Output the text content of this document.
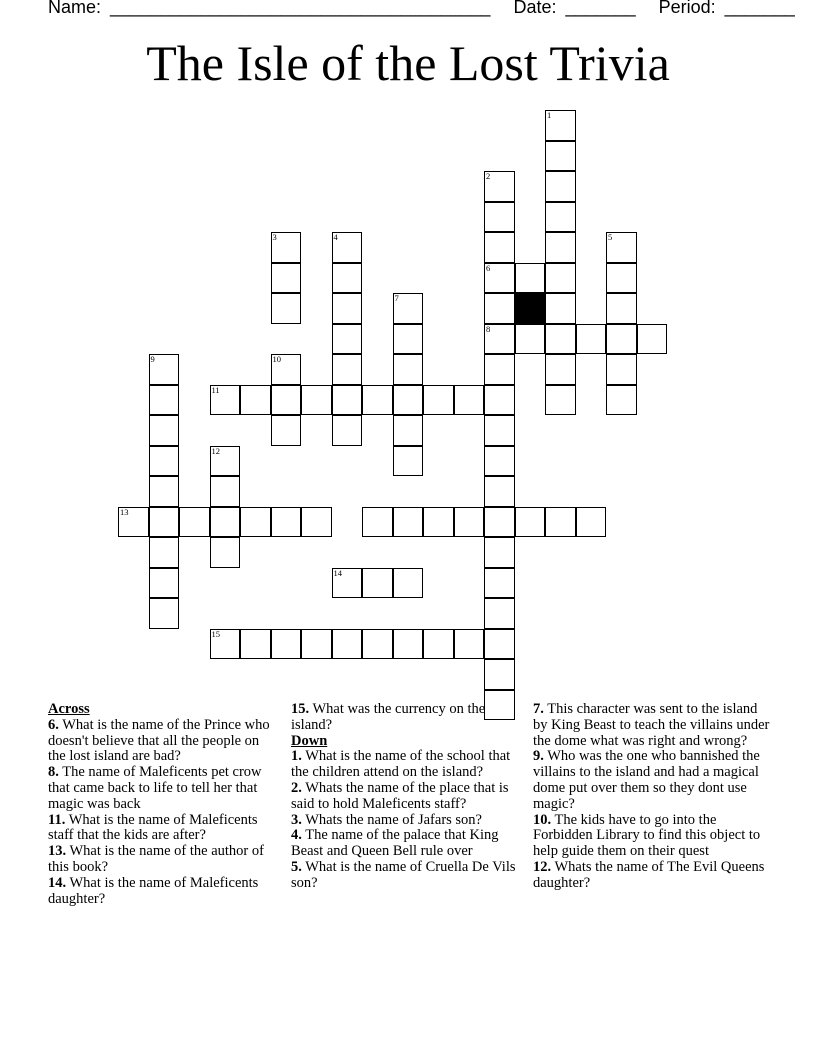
Name: ______________________________________ Date: _______ Period: _______
The Isle of the Lost Trivia
1
2
6
8
5
3	4
7
9	10
11
12
13
14
15
Across
6. What is the name of the Prince who doesn't believe that all the people on the lost island are bad?
8. The name of Maleficents pet crow that came back to life to tell her that magic was back
11. What is the name of Maleficents staff that the kids are after?
13. What is the name of the author of this book?
14. What is the name of Maleficents daughter?
15. What was the currency on the island?
Down
1. What is the name of the school that the children attend on the island?
2. Whats the name of the place that is said to hold Maleficents staff?
3. Whats the name of Jafars son?
4. The name of the palace that King Beast and Queen Bell rule over
5. What is the name of Cruella De Vils son?
7. This character was sent to the island by King Beast to teach the villains under the dome what was right and wrong?
9. Who was the one who bannished the villains to the island and had a magical dome put over them so they dont use magic?
10. The kids have to go into the Forbidden Library to find this object to help guide them on their quest
12. Whats the name of The Evil Queens daughter?
